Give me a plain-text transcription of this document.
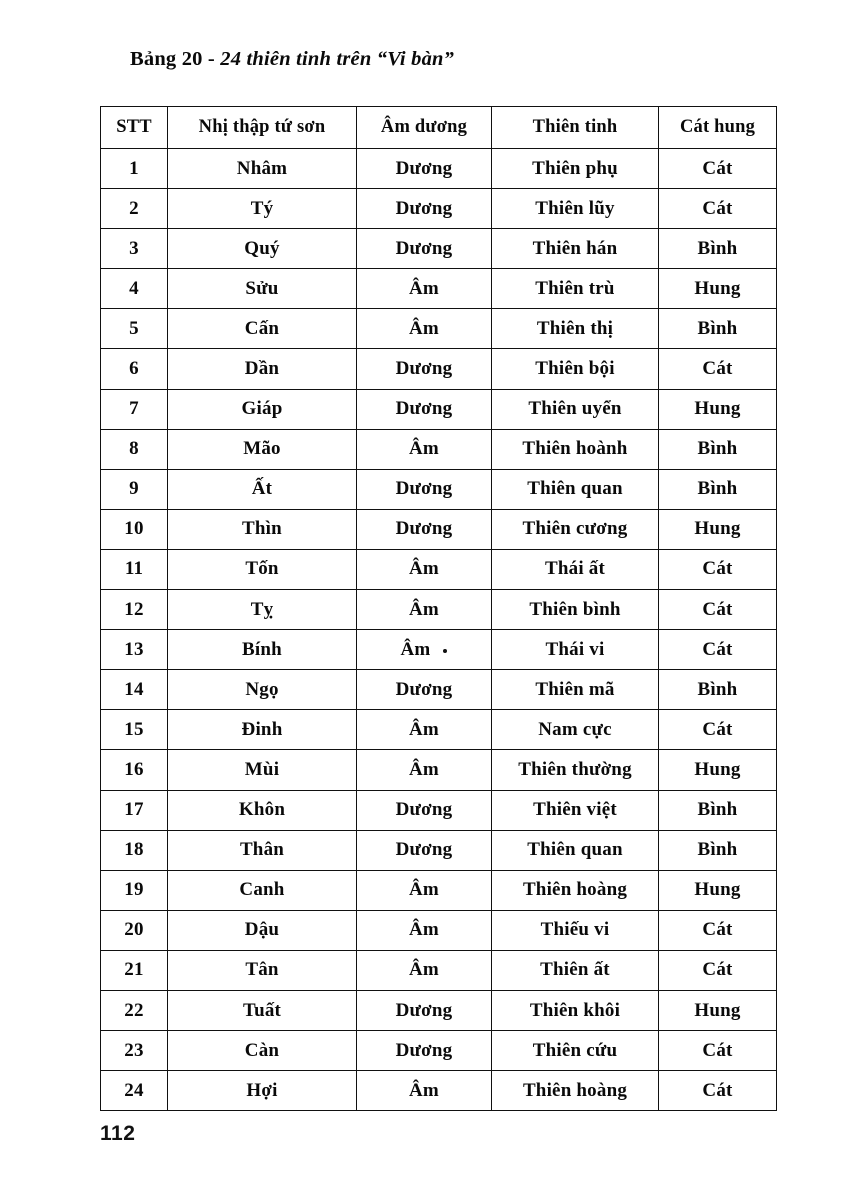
Bảng 20 - 24 thiên tinh trên “Vi bàn”
STT	Nhị thập tứ sơn	Âm dương	Thiên tinh	Cát hung
1	Nhâm	Dương	Thiên phụ	Cát
2	Tý	Dương	Thiên lũy	Cát
3	Quý	Dương	Thiên hán	Bình
4	Sửu	Âm	Thiên trù	Hung
5	Cấn	Âm	Thiên thị	Bình
6	Dần	Dương	Thiên bội	Cát
7	Giáp	Dương	Thiên uyển	Hung
8	Mão	Âm	Thiên hoành	Bình
9	Ất	Dương	Thiên quan	Bình
10	Thìn	Dương	Thiên cương	Hung
11	Tốn	Âm	Thái ất	Cát
12	Tỵ	Âm	Thiên bình	Cát
13	Bính	Âm	Thái vi	Cát
14	Ngọ	Dương	Thiên mã	Bình
15	Đinh	Âm	Nam cực	Cát
16	Mùi	Âm	Thiên thường	Hung
17	Khôn	Dương	Thiên việt	Bình
18	Thân	Dương	Thiên quan	Bình
19	Canh	Âm	Thiên hoàng	Hung
20	Dậu	Âm	Thiếu vi	Cát
21	Tân	Âm	Thiên ất	Cát
22	Tuất	Dương	Thiên khôi	Hung
23	Càn	Dương	Thiên cứu	Cát
24	Hợi	Âm	Thiên hoàng	Cát
112
